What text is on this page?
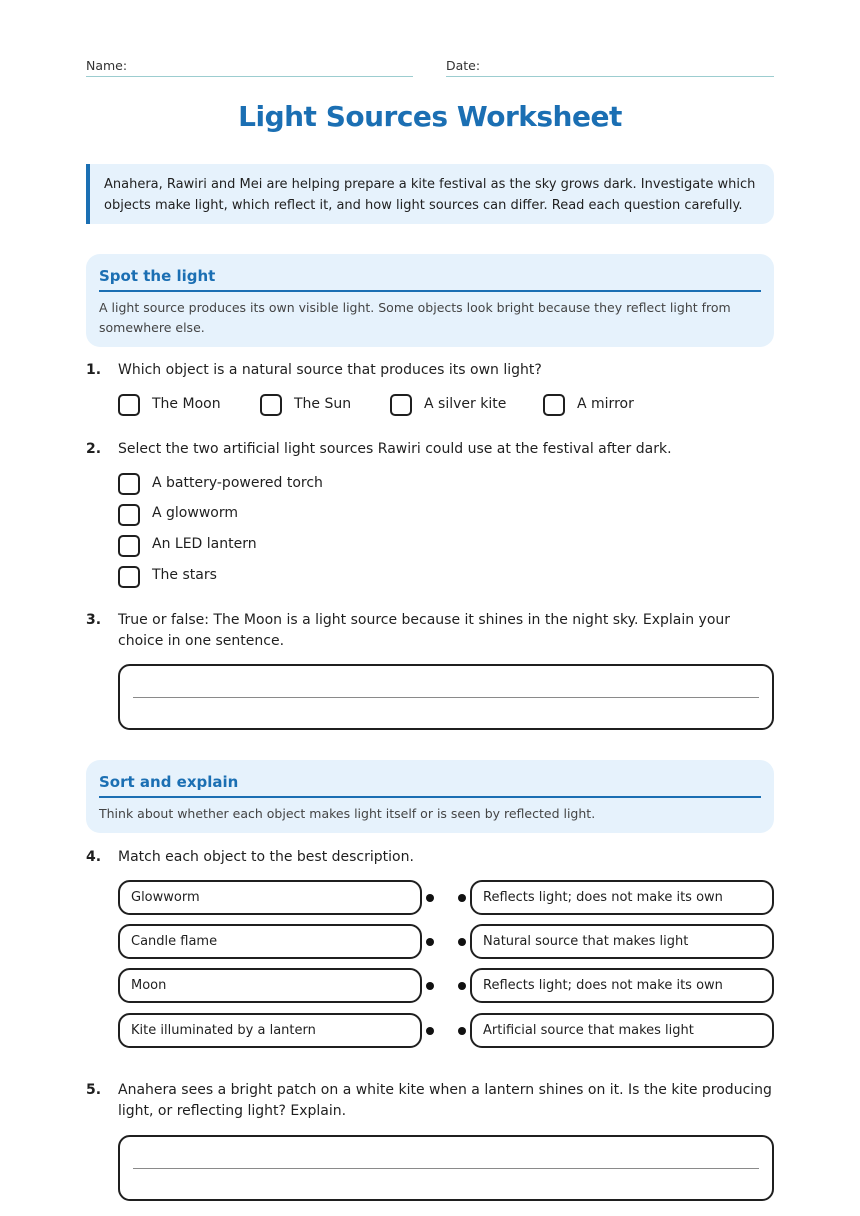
Name:	Date:
Light Sources Worksheet
Anahera, Rawiri and Mei are helping prepare a kite festival as the sky grows dark. Investigate which objects make light, which reflect it, and how light sources can differ. Read each question carefully.
Spot the light

A light source produces its own visible light. Some objects look bright because they reflect light from somewhere else.

1. Which object is a natural source that produces its own light?
The Moon	The Sun	A silver kite	A mirror
2. Select the two artificial light sources Rawiri could use at the festival after dark.
A battery-powered torch
A glowworm
An LED lantern
The stars
3. True or false: The Moon is a light source because it shines in the night sky. Explain your choice in one sentence.
Sort and explain

Think about whether each object makes light itself or is seen by reflected light.

4. Match each object to the best description.
Glowworm	Reflects light; does not make its own
Candle flame	Natural source that makes light
Moon	Reflects light; does not make its own
Kite illuminated by a lantern	Artificial source that makes light
5. Anahera sees a bright patch on a white kite when a lantern shines on it. Is the kite producing light, or reflecting light? Explain.
